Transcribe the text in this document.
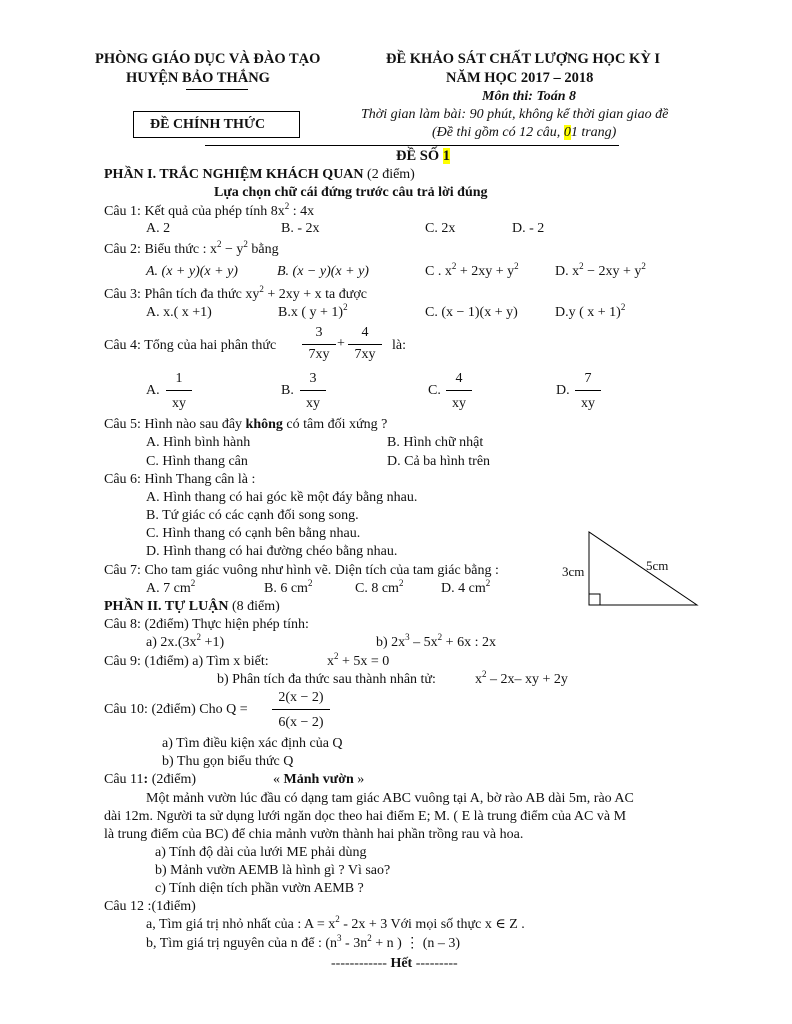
PHÒNG GIÁO DỤC VÀ ĐÀO TẠO
HUYỆN BẢO THẮNG
ĐỀ CHÍNH THỨC
ĐỀ KHẢO SÁT CHẤT LƯỢNG HỌC KỲ I
NĂM HỌC 2017 – 2018
Môn thi: Toán 8
Thời gian làm bài: 90 phút, không kể thời gian giao đề
(Đề thi gồm có 12 câu, 01 trang)
ĐỀ SỐ 1
PHẦN I. TRẮC NGHIỆM KHÁCH QUAN (2 điểm)
Lựa chọn chữ cái đứng trước câu trả lời đúng
Câu 1: Kết quả của phép tính $8x^2$ : 4x
A. 2	B. - 2x	C. 2x	D. - 2
Câu 2: Biểu thức : $x^2 - y^2$ bằng
A. (x + y)(x + y)	B. (x − y)(x + y)	C . $x^2 + 2xy + y^2$	D. $x^2 - 2xy + y^2$
Câu 3: Phân tích đa thức $xy^2 + 2xy + x$ ta được
A. x.( x +1)	B.x ( y + 1)$^2$	C. (x − 1)(x + y)	D.y ( x + 1)$^2$
Câu 4: Tổng của hai phân thức
3
7xy
+
4
7xy
là:
A.
1
xy
B.
3
xy
C.
4
xy
D.
7
xy
Câu 5: Hình nào sau đây không có tâm đối xứng ?
A. Hình bình hành	B. Hình chữ nhật
C. Hình thang cân	D. Cả ba hình trên
Câu 6: Hình Thang cân là :
A. Hình thang có hai góc kề một đáy bằng nhau.
B. Tứ giác có các cạnh đối song song.
C. Hình thang có cạnh bên bằng nhau.
D. Hình thang có hai đường chéo bằng nhau.
Câu 7: Cho tam giác vuông như hình vẽ. Diện tích của tam giác bằng :
A. 7 $cm^2$	B. 6 $cm^2$	C. 8 $cm^2$	D. 4 $cm^2$
3cm	5cm
PHẦN II. TỰ LUẬN (8 điểm)
Câu 8: (2điểm) Thực hiện phép tính:
a) $2x.(3x^2 +1)$	b) $2x^3 - 5x^2 + 6x$ : 2x
Câu 9: (1điểm) a) Tìm x biết:	$x^2 + 5x = 0$
b) Phân tích đa thức sau thành nhân tử:	$x^2 - 2x-$ xy + 2y
Câu 10: (2điểm) Cho Q =
2(x − 2)
6(x − 2)
a) Tìm điều kiện xác định của Q
b) Thu gọn biểu thức Q
Câu 11: (2điểm)	« Mảnh vườn »
Một mảnh vườn lúc đầu có dạng tam giác ABC vuông tại A, bờ rào AB dài 5m, rào AC
dài 12m. Người ta sử dụng lưới ngăn dọc theo hai điểm E; M. ( E là trung điểm của AC và M
là trung điểm của BC) để chia mảnh vườn thành hai phần trồng rau và hoa.
a) Tính độ dài của lưới ME phải dùng
b) Mảnh vườn AEMB là hình gì ? Vì sao?
c) Tính diện tích phần vườn AEMB ?
Câu 12 :(1điểm)
a, Tìm giá trị nhỏ nhất của : $A = x^2 - 2x + 3$ Với mọi số thực x ∈ Z .
b, Tìm giá trị nguyên của n để : ($n^3 - 3n^2 + n$ ) ⋮ (n – 3)
------------ Hết ---------
